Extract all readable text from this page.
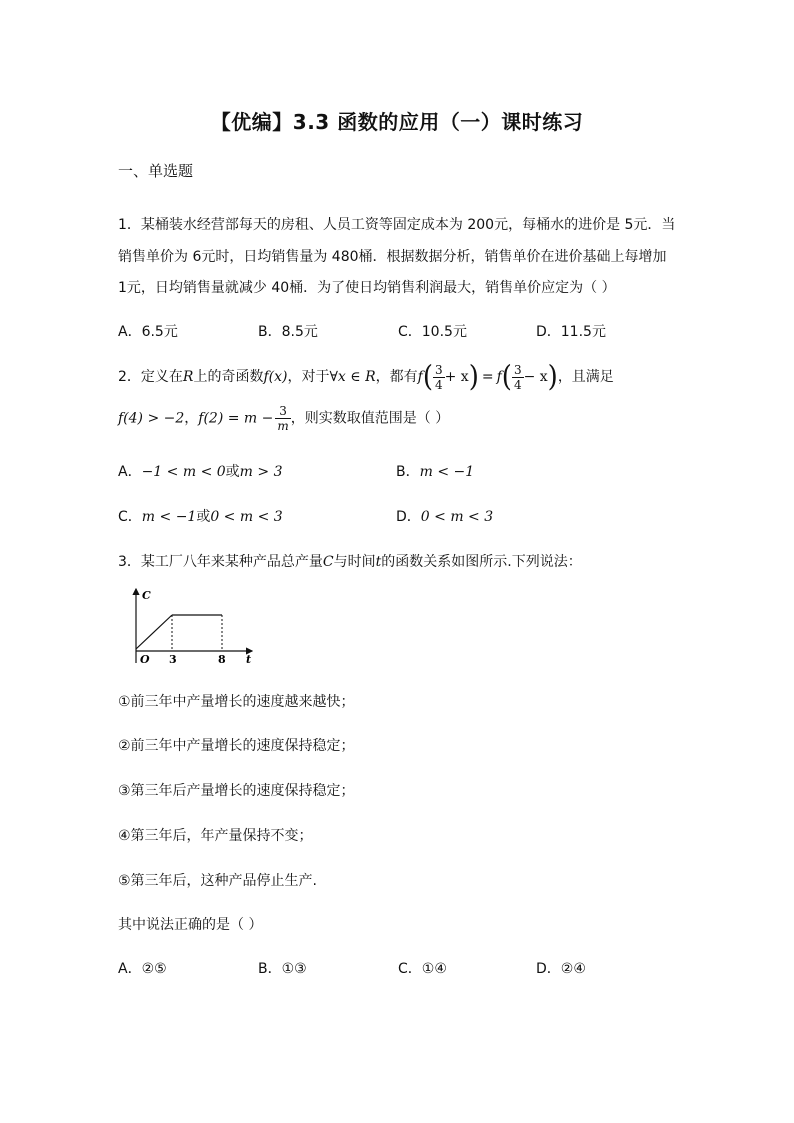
【优编】3.3 函数的应用（一）课时练习
一、单选题
1．某桶装水经营部每天的房租、人员工资等固定成本为 200元，每桶水的进价是 5元．当
销售单价为 6元时，日均销售量为 480桶．根据数据分析，销售单价在进价基础上每增加
1元，日均销售量就减少 40桶．为了使日均销售利润最大，销售单价应定为（ ）
A．6.5元	B．8.5元	C．10.5元	D．11.5元
2．定义在R上的奇函数f(x)，对于∀x ∈ R，都有$f( \frac{3}{4} + x) = f( \frac{3}{4} - x)$，且满足
f(4) > −2，$f(2) = m - \frac{3}{m}$ ，则实数取值范围是（ ）
A．−1 < m < 0或m > 3	B．m < −1
C．m < −1或0 < m < 3	D．0 < m < 3
3．某工厂八年来某种产品总产量C与时间t的函数关系如图所示.下列说法：
C
t
O 3	8
①前三年中产量增长的速度越来越快；
②前三年中产量增长的速度保持稳定；
③第三年后产量增长的速度保持稳定；
④第三年后，年产量保持不变；
⑤第三年后，这种产品停止生产.
其中说法正确的是（ ）
A．②⑤	B．①③	C．①④	D．②④
